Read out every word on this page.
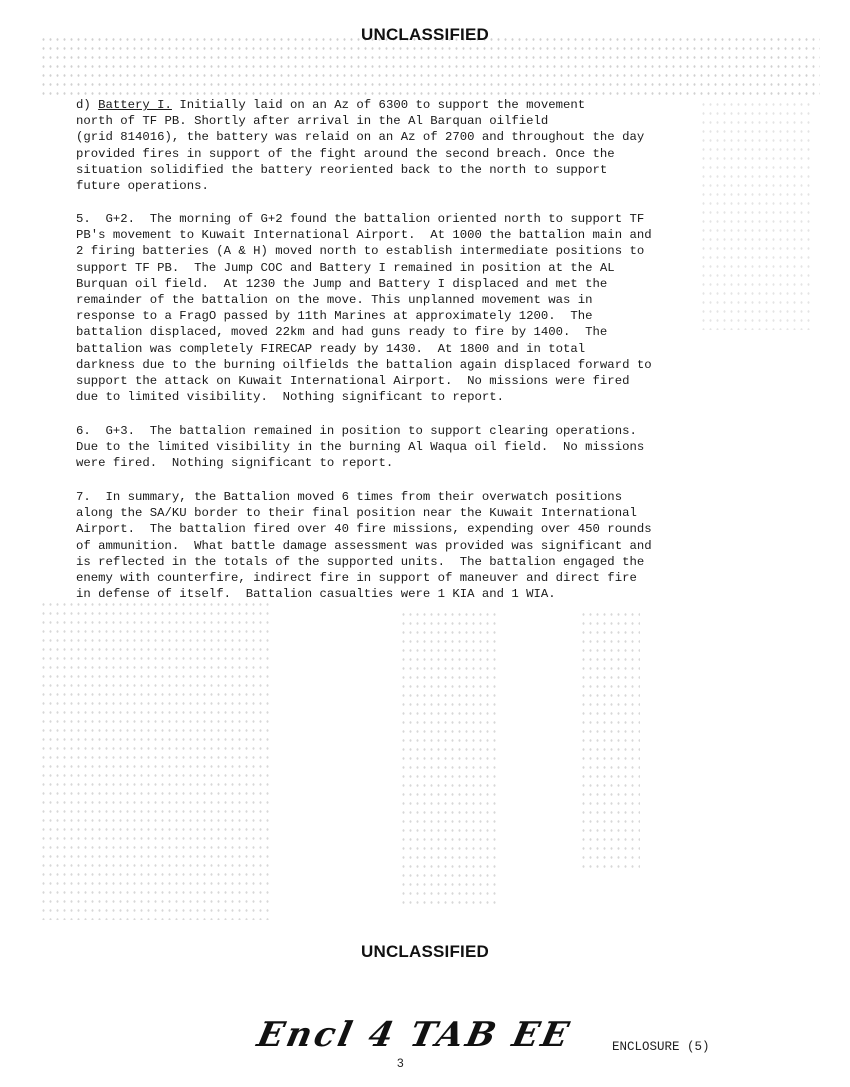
UNCLASSIFIED
d) Battery I. Initially laid on an Az of 6300 to support the movement
north of TF PB. Shortly after arrival in the Al Barquan oilfield
(grid 814016), the battery was relaid on an Az of 2700 and throughout the day
provided fires in support of the fight around the second breach. Once the
situation solidified the battery reoriented back to the north to support
future operations.
5.  G+2.  The morning of G+2 found the battalion oriented north to support TF
PB's movement to Kuwait International Airport.  At 1000 the battalion main and
2 firing batteries (A & H) moved north to establish intermediate positions to
support TF PB.  The Jump COC and Battery I remained in position at the AL
Burquan oil field.  At 1230 the Jump and Battery I displaced and met the
remainder of the battalion on the move. This unplanned movement was in
response to a FragO passed by 11th Marines at approximately 1200.  The
battalion displaced, moved 22km and had guns ready to fire by 1400.  The
battalion was completely FIRECAP ready by 1430.  At 1800 and in total
darkness due to the burning oilfields the battalion again displaced forward to
support the attack on Kuwait International Airport.  No missions were fired
due to limited visibility.  Nothing significant to report.
6.  G+3.  The battalion remained in position to support clearing operations.
Due to the limited visibility in the burning Al Waqua oil field.  No missions
were fired.  Nothing significant to report.
7.  In summary, the Battalion moved 6 times from their overwatch positions
along the SA/KU border to their final position near the Kuwait International
Airport.  The battalion fired over 40 fire missions, expending over 450 rounds
of ammunition.  What battle damage assessment was provided was significant and
is reflected in the totals of the supported units.  The battalion engaged the
enemy with counterfire, indirect fire in support of maneuver and direct fire
in defense of itself.  Battalion casualties were 1 KIA and 1 WIA.
UNCLASSIFIED
Encl 4 TAB EE	ENCLOSURE (5)
3
